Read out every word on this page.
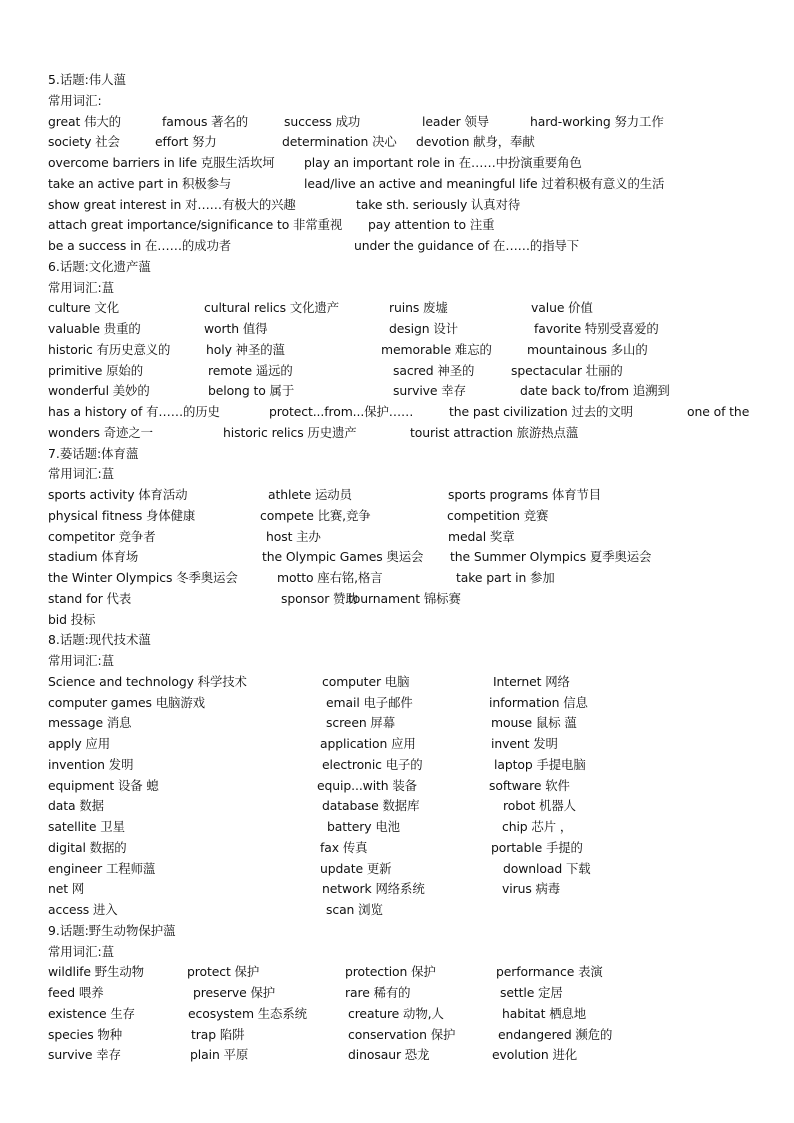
5.话题:伟人薀
常用词汇:
great 伟大的	famous 著名的	success 成功	leader 领导	hard-working 努力工作
society 社会	effort 努力	determination 决心 devotion 献身，奉献
overcome barriers in life 克服生活坎坷 play an important role in 在……中扮演重要角色
take an active part in 积极参与	lead/live an active and meaningful life 过着积极有意义的生活
show great interest in 对……有极大的兴趣	take sth. seriously 认真对待
attach great importance/significance to 非常重视 pay attention to 注重
be a success in 在……的成功者	under the guidance of 在……的指导下
6.话题:文化遗产薀
常用词汇:蒀
culture 文化	cultural relics 文化遗产	ruins 废墟	value 价值
valuable 贵重的	worth 值得	design 设计	favorite 特别受喜爱的
historic 有历史意义的	holy 神圣的薀	memorable 难忘的	mountainous 多山的
primitive 原始的	remote 遥远的	sacred 神圣的	spectacular 壮丽的
wonderful 美妙的	belong to 属于	survive 幸存	date back to/from 追溯到
has a history of 有……的历史	protect...from...保护……	the past civilization 过去的文明	one of the
wonders 奇迹之一	historic relics 历史遗产	tourist attraction 旅游热点薀
7.蒆话题:体育薀
常用词汇:蒀
sports activity 体育活动	athlete 运动员	sports programs 体育节目
physical fitness 身体健康	compete 比赛,竞争	competition 竞赛
competitor 竞争者	host 主办	medal 奖章
stadium 体育场	the Olympic Games 奥运会 the Summer Olympics 夏季奥运会
the Winter Olympics 冬季奥运会	motto 座右铭,格言	take part in 参加
stand for 代表	sponsor 赞助
tournament 锦标赛
bid 投标
8.话题:现代技术薀
常用词汇:蒀
Science and technology 科学技术	computer 电脑	Internet 网络
computer games 电脑游戏	email 电子邮件	information 信息
message 消息	screen 屏幕	mouse 鼠标 薀
apply 应用	application 应用	invent 发明
invention 发明	electronic 电子的	laptop 手提电脑
equipment 设备 螅	equip...with 装备	software 软件
data 数据	database 数据库	robot 机器人
satellite 卫星	battery 电池	chip 芯片 ，
digital 数据的	fax 传真	portable 手提的
engineer 工程师薀	update 更新	download 下载
net 网	network 网络系统	virus 病毒
access 进入	scan 浏览
9.话题:野生动物保护薀
常用词汇:蒀
wildlife 野生动物	protect 保护	protection 保护	performance 表演
feed 喂养	preserve 保护	rare 稀有的	settle 定居
existence 生存	ecosystem 生态系统	creature 动物,人	habitat 栖息地
species 物种	trap 陷阱	conservation 保护	endangered 濒危的
survive 幸存	plain 平原	dinosaur 恐龙	evolution 进化
